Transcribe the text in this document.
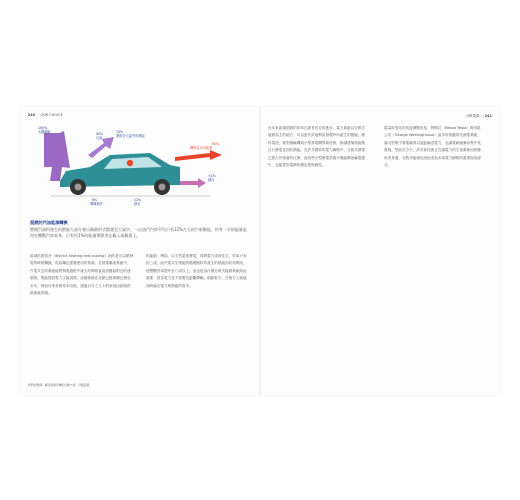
240 OUR CHOICE
100%
太陽輻射	40%
反射
15%
發散至大氣中的熱能
60%
轉換為可用能源
6%
傳導損失
12%
熱水
<1%
儲存
混燃的汽油能源轉換
燃燒汽油所產生的熱能大部分會以廢熱形式散發至大氣中。一台油汽汽車平均只有12%左右的汽車動能，約有一半的能量是用在轉動汽車本身，只有約1%的能量實際用在載人或載貨上。
區域供熱供冷（district heating and cooling）指的是可以將發電的餘熱轉換，供給鄰近建築使用的系統。在熱電聯產系統中，汽電共生的系統能將發電過程中產生的餘熱直接供應給附近的建築物，既能提供電力又能供熱。這種系統在北歐已經被廣泛使用多年，例如丹麥首都哥本哈根，超過百分之九十的家庭由區域供熱系統供暖。
的能源，例如，以天然氣來發電，再將電力送到住宅，效率只有約三成。而汽電共生則能將燃燒燃料所產生的熱能回收再利用，使整體效率提升至八成以上。這也是為什麼分散式能源系統如此重要：因為電力並不需要長距離傳輸，損耗較少，在地方上就能同時滿足電力與熱能的需求。
我們的選擇：解決氣候危機的行動方案 · 分散電源
分散電源 241
近年來區域供熱的效率已經有長足的進步，電力系統以分散式能源為主的地方，可以更有效地利用發電時所產生的熱能。燃料電池、微型渦輪機與小型發電機等新技術，都讓建築物能夠自行發電並回收熱能。在許多國家的電力網路中，分散式發電已經占有相當的比例，而這些小型發電設施不僅能降低輸電損失，也能提高電網的穩定度與韌性。
電量收受站的其他優點包括，特斯拉（Nikola Tesla）與西屋公司（George Westinghouse）當年所推動的交流電系統，讓大型集中發電廠得以遠距輸送電力，也讓電網逐漸向集中化發展。然而在今天，許多新技術正在讓電力的生產重新回到使用者身邊，分散式能源也因此成為未來電力網路的重要組成部分。
